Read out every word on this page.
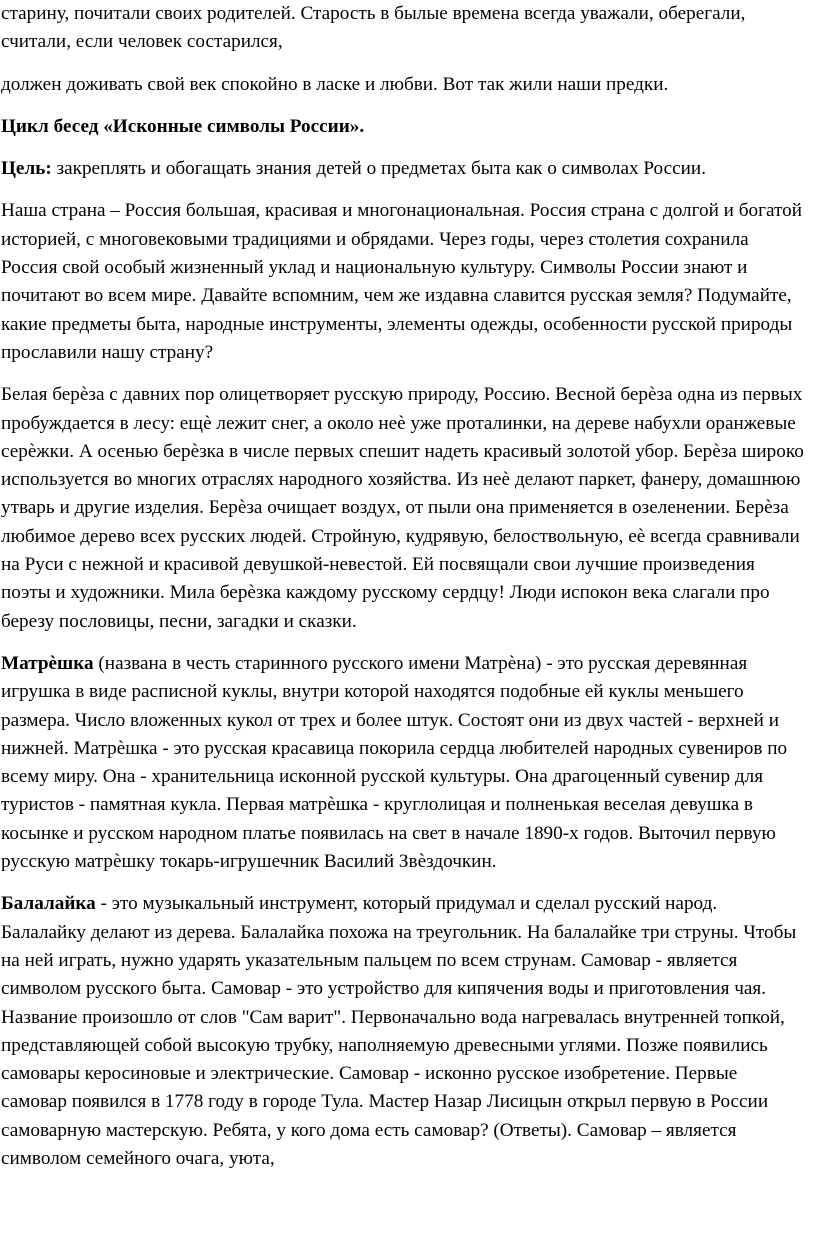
старину, почитали своих родителей. Старость в былые времена всегда уважали, оберегали, считали, если человек состарился,

должен доживать свой век спокойно в ласке и любви. Вот так жили наши предки.

Цикл бесед «Исконные символы России».

Цель: закреплять и обогащать знания детей о предметах быта как о символах России.

Наша страна – Россия большая, красивая и многонациональная. Россия страна с долгой и богатой историей, с многовековыми традициями и обрядами. Через годы, через столетия сохранила Россия свой особый жизненный уклад и национальную культуру. Символы России знают и почитают во всем мире. Давайте вспомним, чем же издавна славится русская земля? Подумайте, какие предметы быта, народные инструменты, элементы одежды, особенности русской природы прославили нашу страну?

Белая берѐза с давних пор олицетворяет русскую природу, Россию. Весной берѐза одна из первых пробуждается в лесу: ещѐ лежит снег, а около неѐ уже проталинки, на дереве набухли оранжевые серѐжки. А осенью берѐзка в числе первых спешит надеть красивый золотой убор. Берѐза широко используется во многих отраслях народного хозяйства. Из неѐ делают паркет, фанеру, домашнюю утварь и другие изделия. Берѐза очищает воздух, от пыли она применяется в озеленении. Берѐза любимое дерево всех русских людей. Стройную, кудрявую, белоствольную, еѐ всегда сравнивали на Руси с нежной и красивой девушкой-невестой. Ей посвящали свои лучшие произведения поэты и художники. Мила берѐзка каждому русскому сердцу! Люди испокон века слагали про березу пословицы, песни, загадки и сказки.

Матрѐшка (названа в честь старинного русского имени Матрѐна) - это русская деревянная игрушка в виде расписной куклы, внутри которой находятся подобные ей куклы меньшего размера. Число вложенных кукол от трех и более штук. Состоят они из двух частей - верхней и нижней. Матрѐшка - это русская красавица покорила сердца любителей народных сувениров по всему миру. Она - хранительница исконной русской культуры. Она драгоценный сувенир для туристов - памятная кукла. Первая матрѐшка - круглолицая и полненькая веселая девушка в косынке и русском народном платье появилась на свет в начале 1890-х годов. Выточил первую русскую матрѐшку токарь-игрушечник Василий Звѐздочкин.

Балалайка - это музыкальный инструмент, который придумал и сделал русский народ. Балалайку делают из дерева. Балалайка похожа на треугольник. На балалайке три струны. Чтобы на ней играть, нужно ударять указательным пальцем по всем струнам. Самовар - является символом русского быта. Самовар - это устройство для кипячения воды и приготовления чая. Название произошло от слов "Сам варит". Первоначально вода нагревалась внутренней топкой, представляющей собой высокую трубку, наполняемую древесными углями. Позже появились самовары керосиновые и электрические. Самовар - исконно русское изобретение. Первые самовар появился в 1778 году в городе Тула. Мастер Назар Лисицын открыл первую в России самоварную мастерскую. Ребята, у кого дома есть самовар? (Ответы). Самовар – является символом семейного очага, уюта,
